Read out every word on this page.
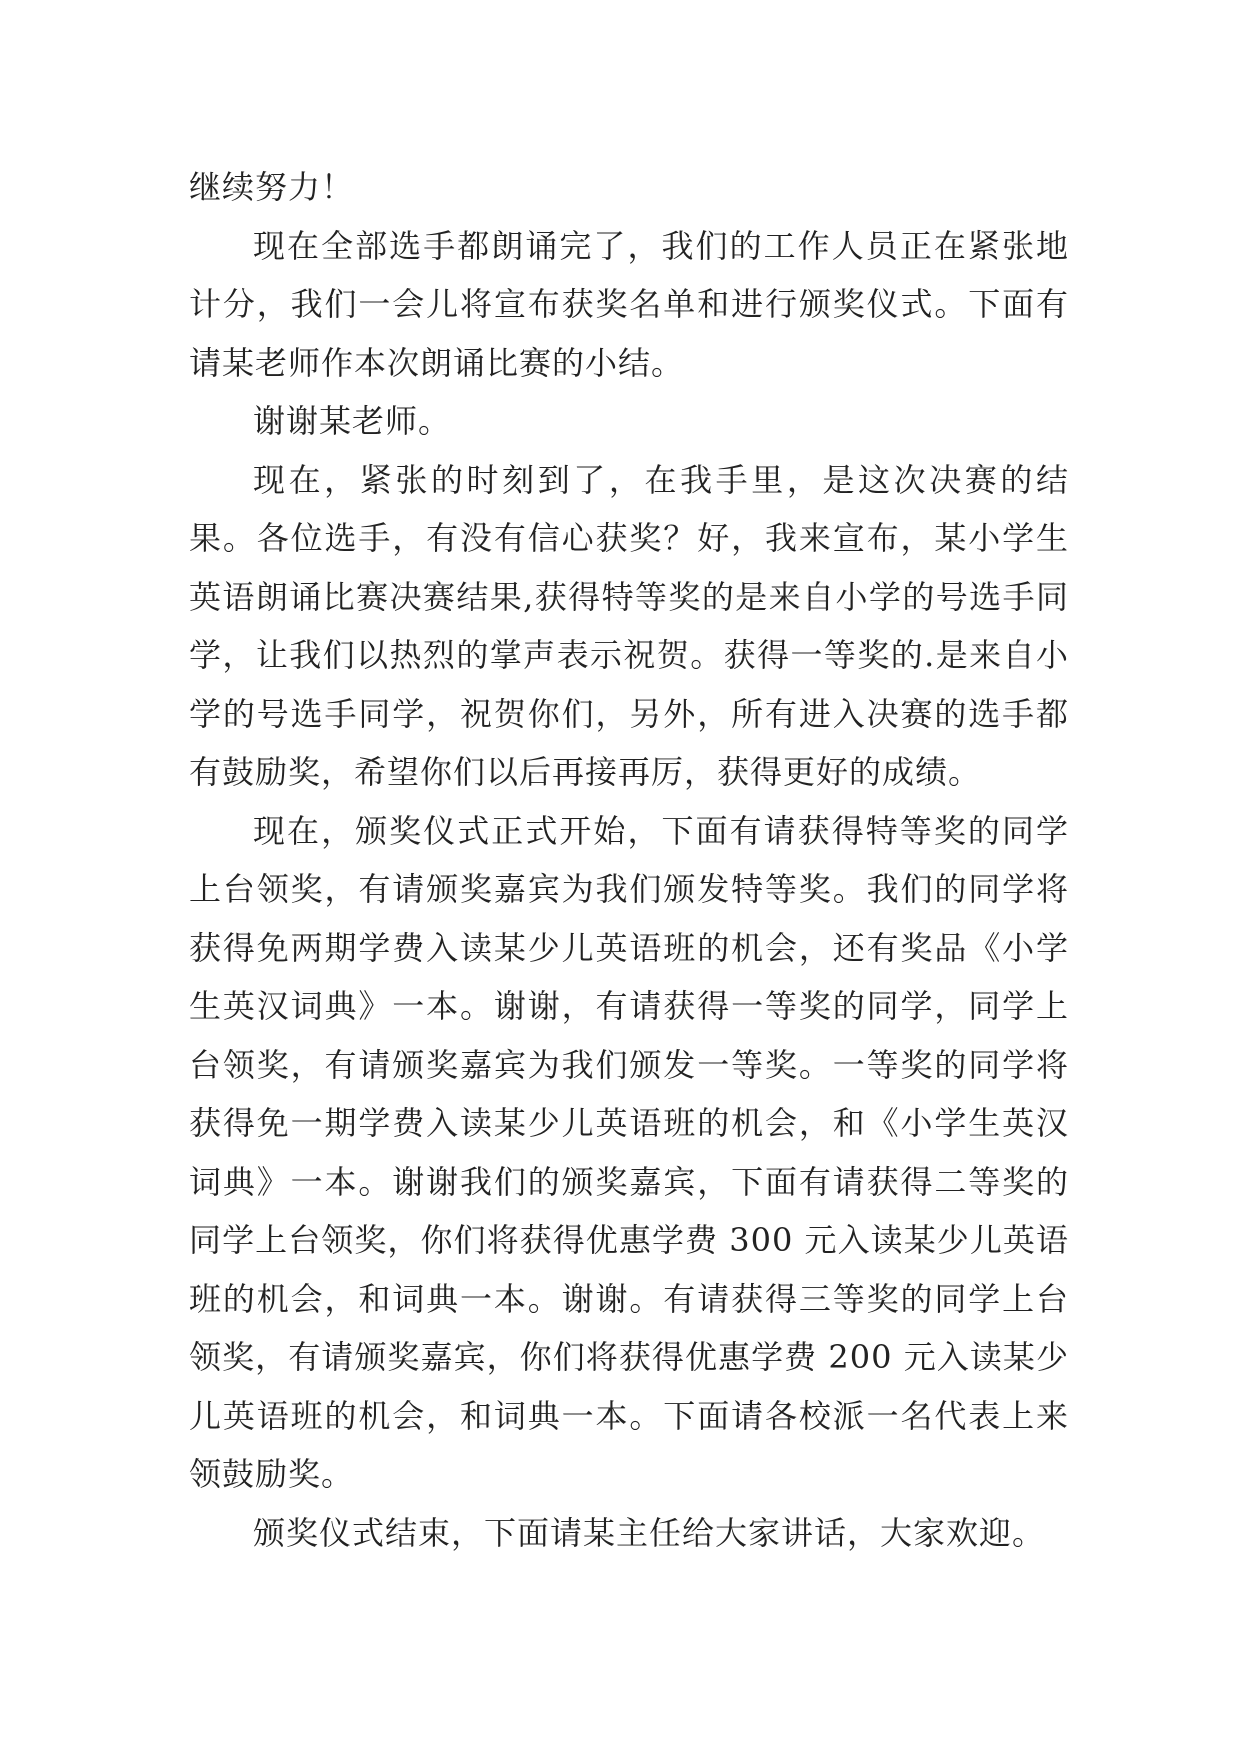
继续努力！

现在全部选手都朗诵完了，我们的工作人员正在紧张地计分，我们一会儿将宣布获奖名单和进行颁奖仪式。下面有请某老师作本次朗诵比赛的小结。

谢谢某老师。

现在，紧张的时刻到了，在我手里，是这次决赛的结果。各位选手，有没有信心获奖？好，我来宣布，某小学生英语朗诵比赛决赛结果,获得特等奖的是来自小学的号选手同学，让我们以热烈的掌声表示祝贺。获得一等奖的.是来自小学的号选手同学，祝贺你们，另外，所有进入决赛的选手都有鼓励奖，希望你们以后再接再厉，获得更好的成绩。

现在，颁奖仪式正式开始，下面有请获得特等奖的同学上台领奖，有请颁奖嘉宾为我们颁发特等奖。我们的同学将获得免两期学费入读某少儿英语班的机会，还有奖品《小学生英汉词典》一本。谢谢，有请获得一等奖的同学，同学上台领奖，有请颁奖嘉宾为我们颁发一等奖。一等奖的同学将获得免一期学费入读某少儿英语班的机会，和《小学生英汉词典》一本。谢谢我们的颁奖嘉宾，下面有请获得二等奖的同学上台领奖，你们将获得优惠学费 300 元入读某少儿英语班的机会，和词典一本。谢谢。有请获得三等奖的同学上台领奖，有请颁奖嘉宾，你们将获得优惠学费 200 元入读某少儿英语班的机会，和词典一本。下面请各校派一名代表上来领鼓励奖。

颁奖仪式结束，下面请某主任给大家讲话，大家欢迎。
